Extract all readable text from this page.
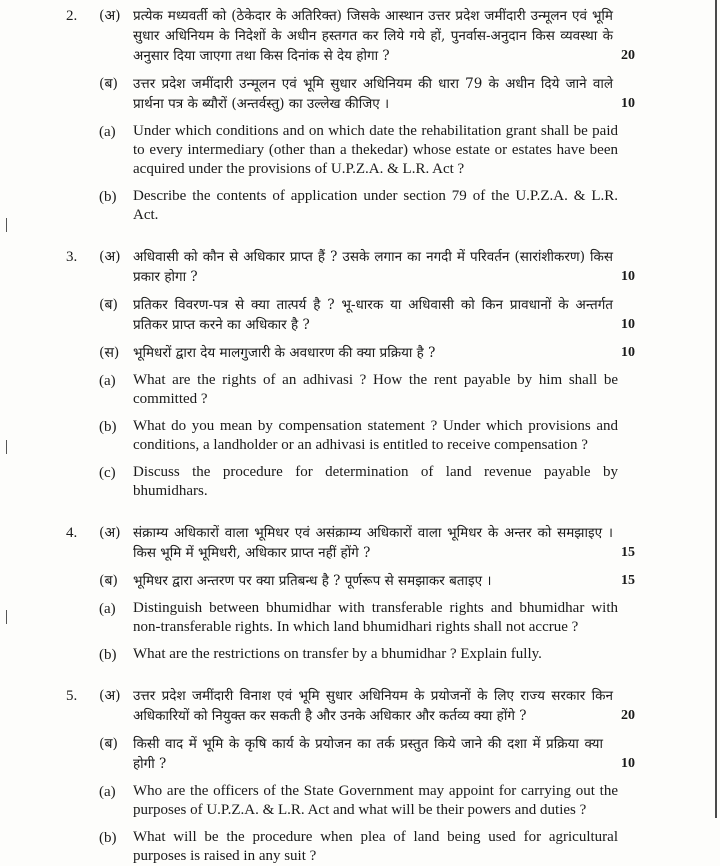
2.	(अ) प्रत्येक मध्यवर्ती को (ठेकेदार के अतिरिक्त) जिसके आस्थान उत्तर प्रदेश जमींदारी उन्मूलन एवं भूमि सुधार अधिनियम के निदेशों के अधीन हस्तगत कर लिये गये हों, पुनर्वास-अनुदान किस व्यवस्था के अनुसार दिया जाएगा तथा किस दिनांक से देय होगा ?	20
(ब) उत्तर प्रदेश जमींदारी उन्मूलन एवं भूमि सुधार अधिनियम की धारा 79 के अधीन दिये जाने वाले प्रार्थना पत्र के ब्यौरों (अन्तर्वस्तु) का उल्लेख कीजिए ।	10
(a) Under which conditions and on which date the rehabilitation grant shall be paid to every intermediary (other than a thekedar) whose estate or estates have been acquired under the provisions of U.P.Z.A. & L.R. Act ?
(b) Describe the contents of application under section 79 of the U.P.Z.A. & L.R. Act.
3.	(अ) अधिवासी को कौन से अधिकार प्राप्त हैं ? उसके लगान का नगदी में परिवर्तन (सारांशीकरण) किस प्रकार होगा ?	10
(ब) प्रतिकर विवरण-पत्र से क्या तात्पर्य है ? भू-धारक या अधिवासी को किन प्रावधानों के अन्तर्गत प्रतिकर प्राप्त करने का अधिकार है ?	10
(स) भूमिधरों द्वारा देय मालगुजारी के अवधारण की क्या प्रक्रिया है ?	10
(a) What are the rights of an adhivasi ? How the rent payable by him shall be committed ?
(b) What do you mean by compensation statement ? Under which provisions and conditions, a landholder or an adhivasi is entitled to receive compensation ?
(c) Discuss the procedure for determination of land revenue payable by bhumidhars.
4.	(अ) संक्राम्य अधिकारों वाला भूमिधर एवं असंक्राम्य अधिकारों वाला भूमिधर के अन्तर को समझाइए । किस भूमि में भूमिधरी, अधिकार प्राप्त नहीं होंगे ?	15
(ब) भूमिधर द्वारा अन्तरण पर क्या प्रतिबन्ध है ? पूर्णरूप से समझाकर बताइए ।	15
(a) Distinguish between bhumidhar with transferable rights and bhumidhar with non-transferable rights. In which land bhumidhari rights shall not accrue ?
(b) What are the restrictions on transfer by a bhumidhar ? Explain fully.
5.	(अ) उत्तर प्रदेश जमींदारी विनाश एवं भूमि सुधार अधिनियम के प्रयोजनों के लिए राज्य सरकार किन अधिकारियों को नियुक्त कर सकती है और उनके अधिकार और कर्तव्य क्या होंगे ?	20
(ब) किसी वाद में भूमि के कृषि कार्य के प्रयोजन का तर्क प्रस्तुत किये जाने की दशा में प्रक्रिया क्या होगी ?	10
(a) Who are the officers of the State Government may appoint for carrying out the purposes of U.P.Z.A. & L.R. Act and what will be their powers and duties ?
(b) What will be the procedure when plea of land being used for agricultural purposes is raised in any suit ?
